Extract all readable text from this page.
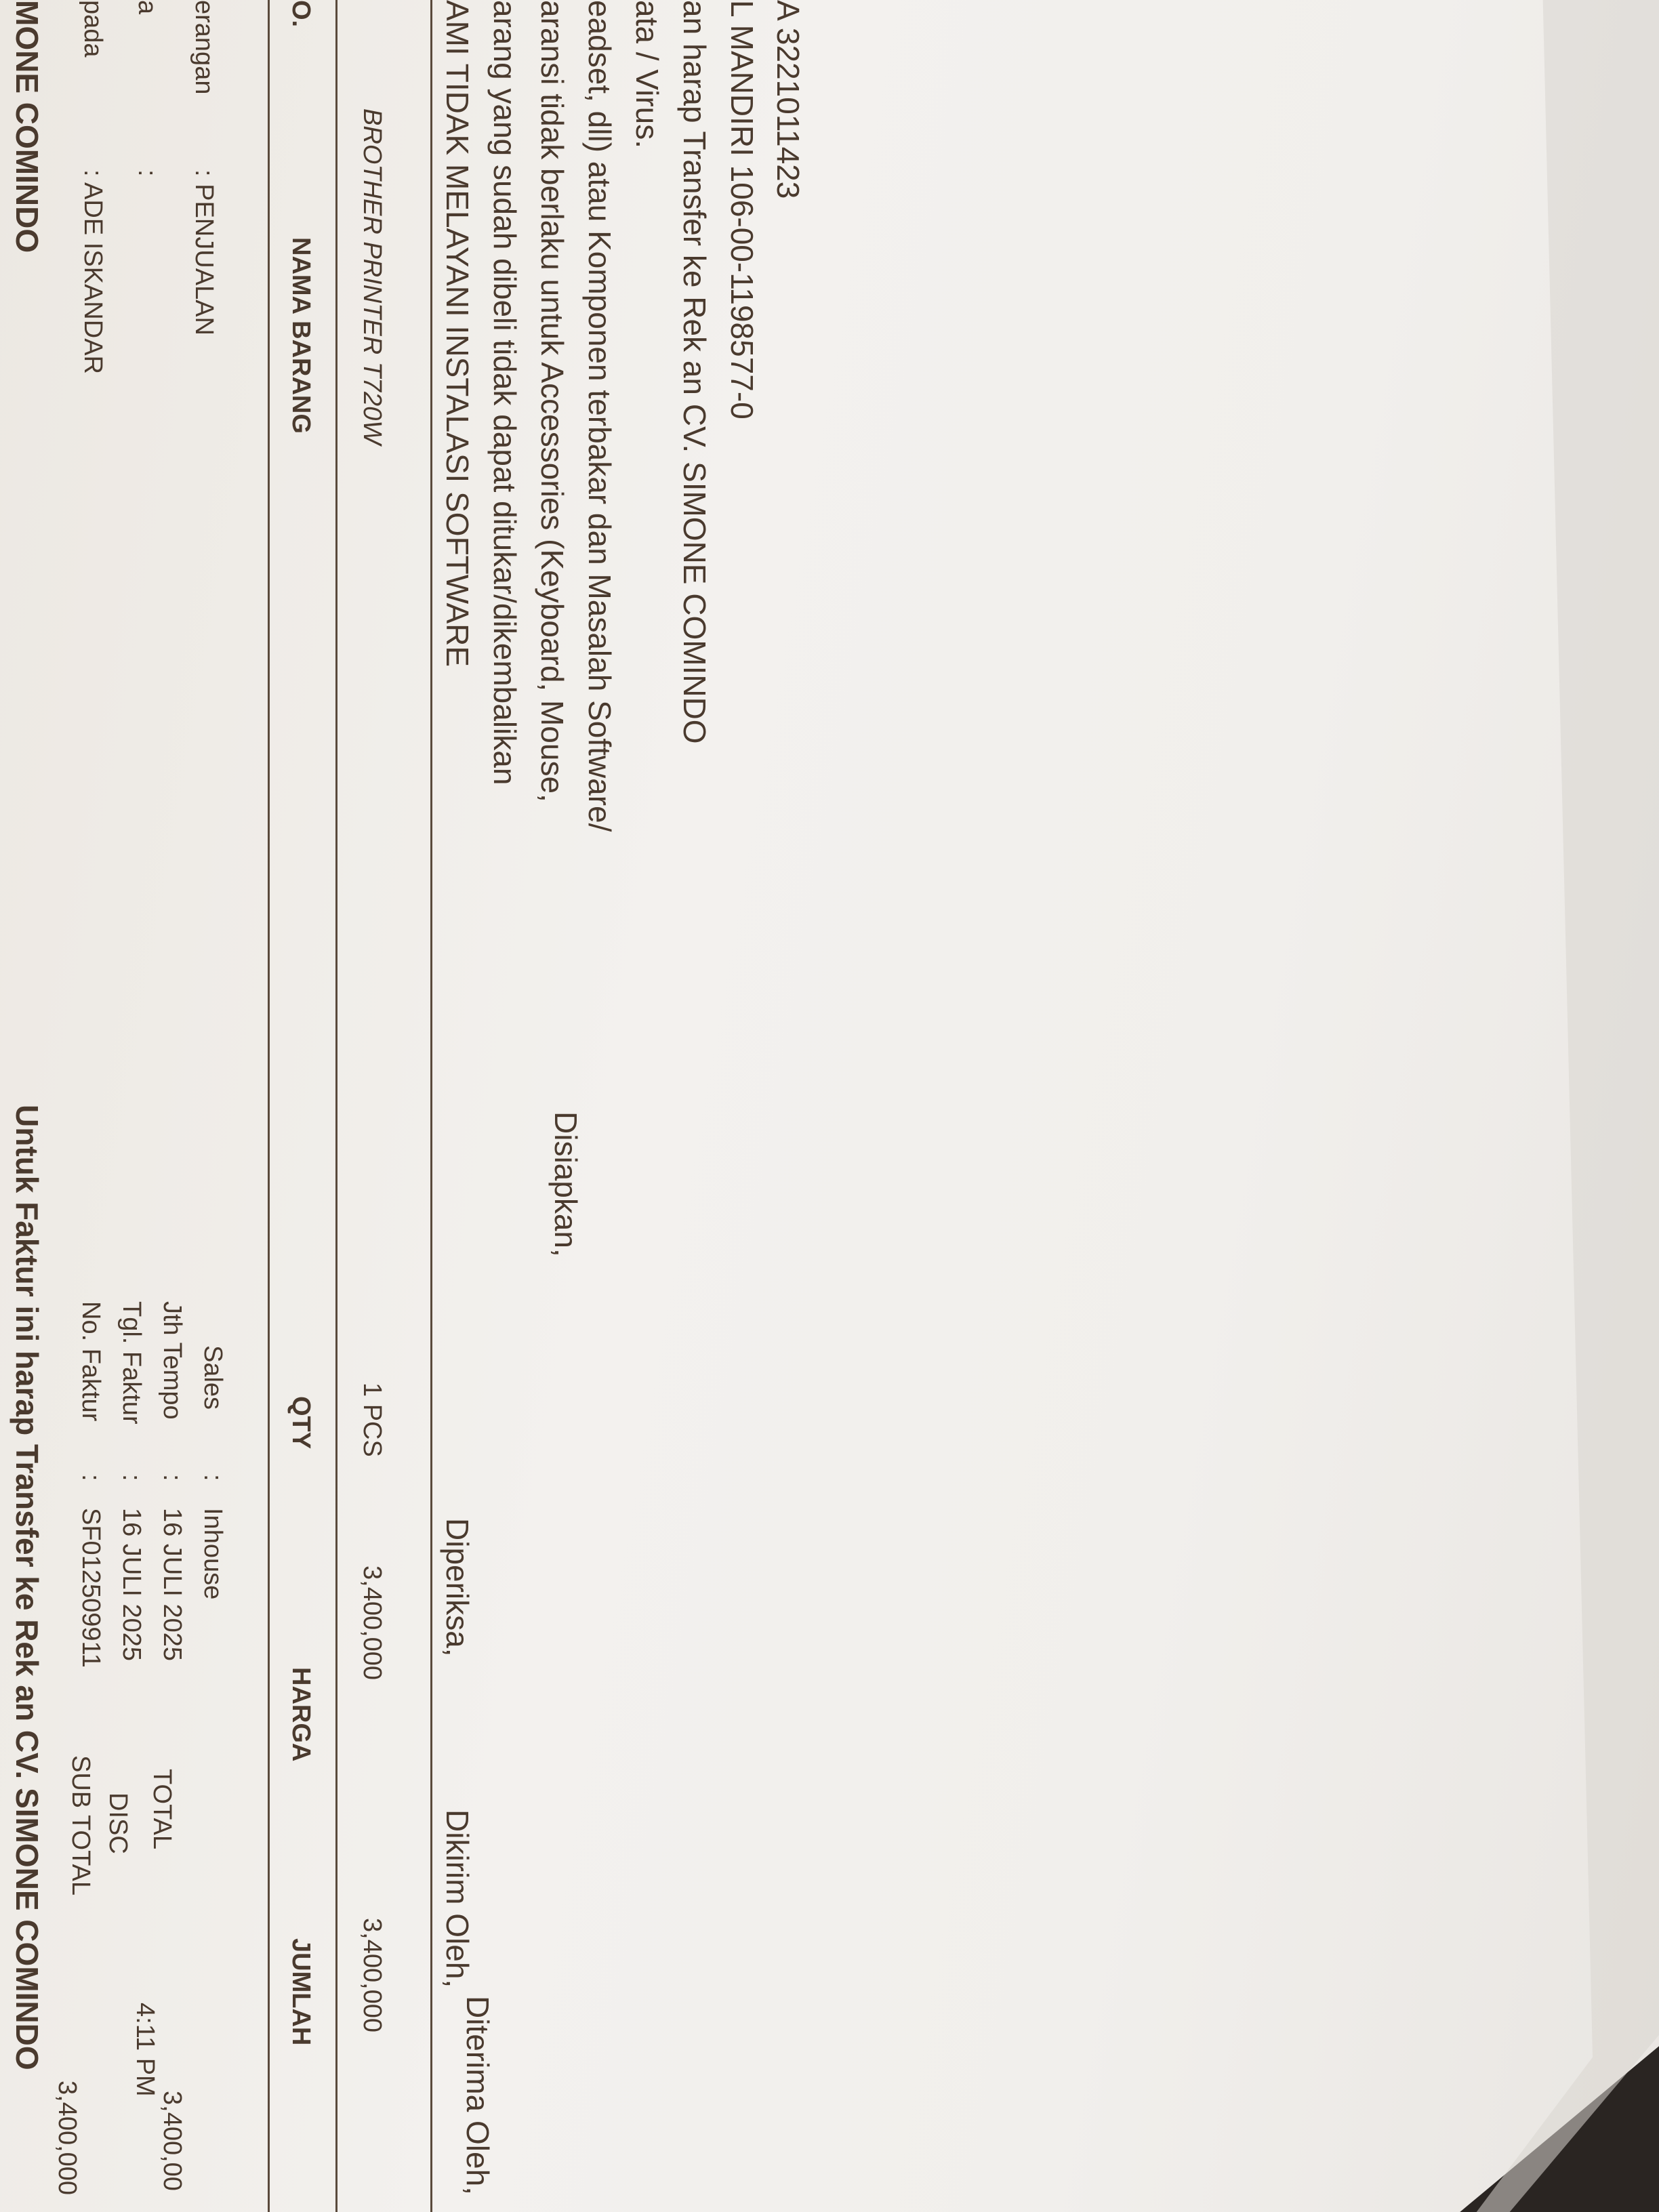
MONE COMINDO
Untuk Faktur ini harap Transfer ke Rek an CV. SIMONE COMINDO
pada
: ADE ISKANDAR
a
:
erangan
: PENJUALAN
No. Faktur
:
SF012509911
Tgl. Faktur
:
16 JULI 2025
4:11 PM
Jth Tempo
:
16 JULI 2025
Sales
:
Inhouse
O.
NAMA BARANG
QTY
HARGA
JUMLAH
BROTHER PRINTER T720W
1 PCS
3,400,000
3,400,000
SUB TOTAL
3,400,000
DISC TOTAL
3,400,00
AMI TIDAK MELAYANI INSTALASI SOFTWARE arang yang sudah dibeli tidak dapat ditukar/dikembalikan aransi tidak berlaku untuk Accessories (Keyboard, Mouse, eadset, dll) atau Komponen terbakar dan Masalah Software/ ata / Virus. an harap Transfer ke Rek an CV. SIMONE COMINDO L MANDIRI 106-00-1198577-0 A 3221011423
Disiapkan,
Diperiksa,
Dikirim Oleh,
Diterima Oleh,
